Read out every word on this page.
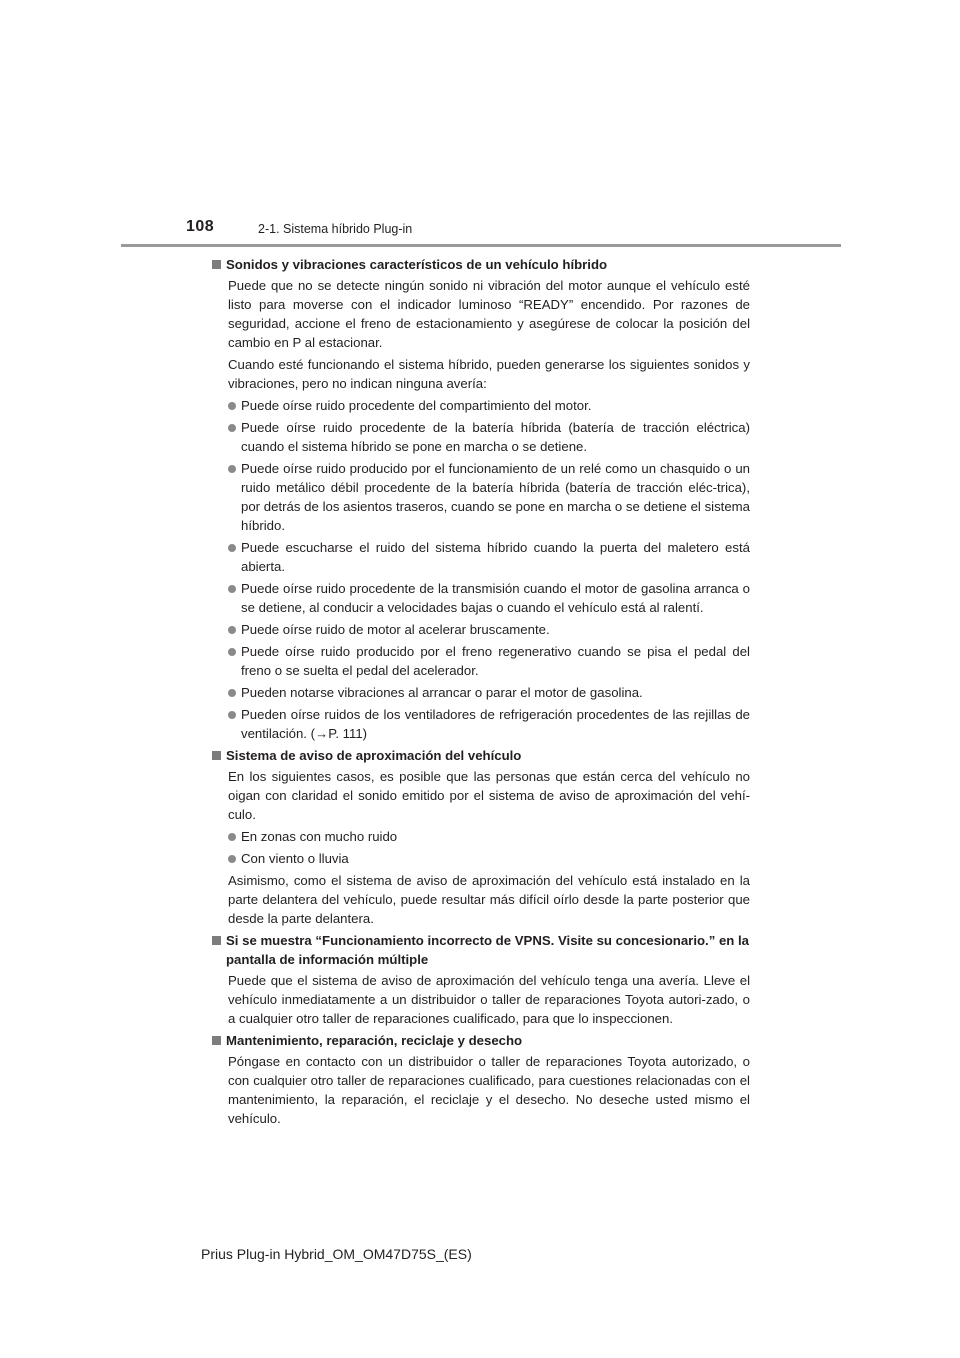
108	2-1. Sistema híbrido Plug-in
Sonidos y vibraciones característicos de un vehículo híbrido
Puede que no se detecte ningún sonido ni vibración del motor aunque el vehículo esté listo para moverse con el indicador luminoso “READY” encendido. Por razones de seguridad, accione el freno de estacionamiento y asegúrese de colocar la posición del cambio en P al estacionar.
Cuando esté funcionando el sistema híbrido, pueden generarse los siguientes sonidos y vibraciones, pero no indican ninguna avería:
Puede oírse ruido procedente del compartimiento del motor.
Puede oírse ruido procedente de la batería híbrida (batería de tracción eléctrica) cuando el sistema híbrido se pone en marcha o se detiene.
Puede oírse ruido producido por el funcionamiento de un relé como un chasquido o un ruido metálico débil procedente de la batería híbrida (batería de tracción eléc-trica), por detrás de los asientos traseros, cuando se pone en marcha o se detiene el sistema híbrido.
Puede escucharse el ruido del sistema híbrido cuando la puerta del maletero está abierta.
Puede oírse ruido procedente de la transmisión cuando el motor de gasolina arranca o se detiene, al conducir a velocidades bajas o cuando el vehículo está al ralentí.
Puede oírse ruido de motor al acelerar bruscamente.
Puede oírse ruido producido por el freno regenerativo cuando se pisa el pedal del freno o se suelta el pedal del acelerador.
Pueden notarse vibraciones al arrancar o parar el motor de gasolina.
Pueden oírse ruidos de los ventiladores de refrigeración procedentes de las rejillas de ventilación. (→P. 111)
Sistema de aviso de aproximación del vehículo
En los siguientes casos, es posible que las personas que están cerca del vehículo no oigan con claridad el sonido emitido por el sistema de aviso de aproximación del vehí-culo.
En zonas con mucho ruido
Con viento o lluvia
Asimismo, como el sistema de aviso de aproximación del vehículo está instalado en la parte delantera del vehículo, puede resultar más difícil oírlo desde la parte posterior que desde la parte delantera.
Si se muestra “Funcionamiento incorrecto de VPNS. Visite su concesionario.” en la pantalla de información múltiple
Puede que el sistema de aviso de aproximación del vehículo tenga una avería. Lleve el vehículo inmediatamente a un distribuidor o taller de reparaciones Toyota autori-zado, o a cualquier otro taller de reparaciones cualificado, para que lo inspeccionen.
Mantenimiento, reparación, reciclaje y desecho
Póngase en contacto con un distribuidor o taller de reparaciones Toyota autorizado, o con cualquier otro taller de reparaciones cualificado, para cuestiones relacionadas con el mantenimiento, la reparación, el reciclaje y el desecho. No deseche usted mismo el vehículo.
Prius Plug-in Hybrid_OM_OM47D75S_(ES)
